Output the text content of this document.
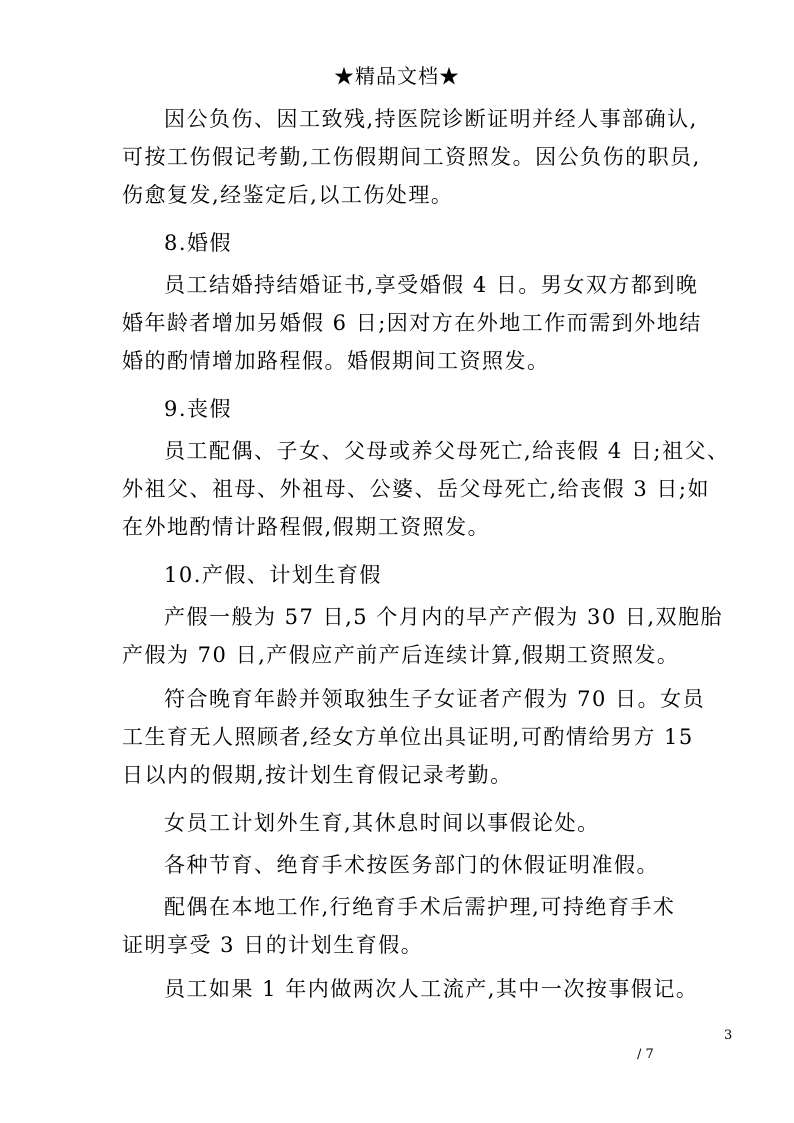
★精品文档★
因公负伤、因工致残,持医院诊断证明并经人事部确认,
可按工伤假记考勤,工伤假期间工资照发。因公负伤的职员,
伤愈复发,经鉴定后,以工伤处理。
8.婚假
员工结婚持结婚证书,享受婚假 4 日。男女双方都到晚
婚年龄者增加另婚假 6 日;因对方在外地工作而需到外地结
婚的酌情增加路程假。婚假期间工资照发。
9.丧假
员工配偶、子女、父母或养父母死亡,给丧假 4 日;祖父、
外祖父、祖母、外祖母、公婆、岳父母死亡,给丧假 3 日;如
在外地酌情计路程假,假期工资照发。
10.产假、计划生育假
产假一般为 57 日,5 个月内的早产产假为 30 日,双胞胎
产假为 70 日,产假应产前产后连续计算,假期工资照发。
符合晚育年龄并领取独生子女证者产假为 70 日。女员
工生育无人照顾者,经女方单位出具证明,可酌情给男方 15
日以内的假期,按计划生育假记录考勤。
女员工计划外生育,其休息时间以事假论处。
各种节育、绝育手术按医务部门的休假证明准假。
配偶在本地工作,行绝育手术后需护理,可持绝育手术
证明享受 3 日的计划生育假。
员工如果 1 年内做两次人工流产,其中一次按事假记。
3
/ 7
